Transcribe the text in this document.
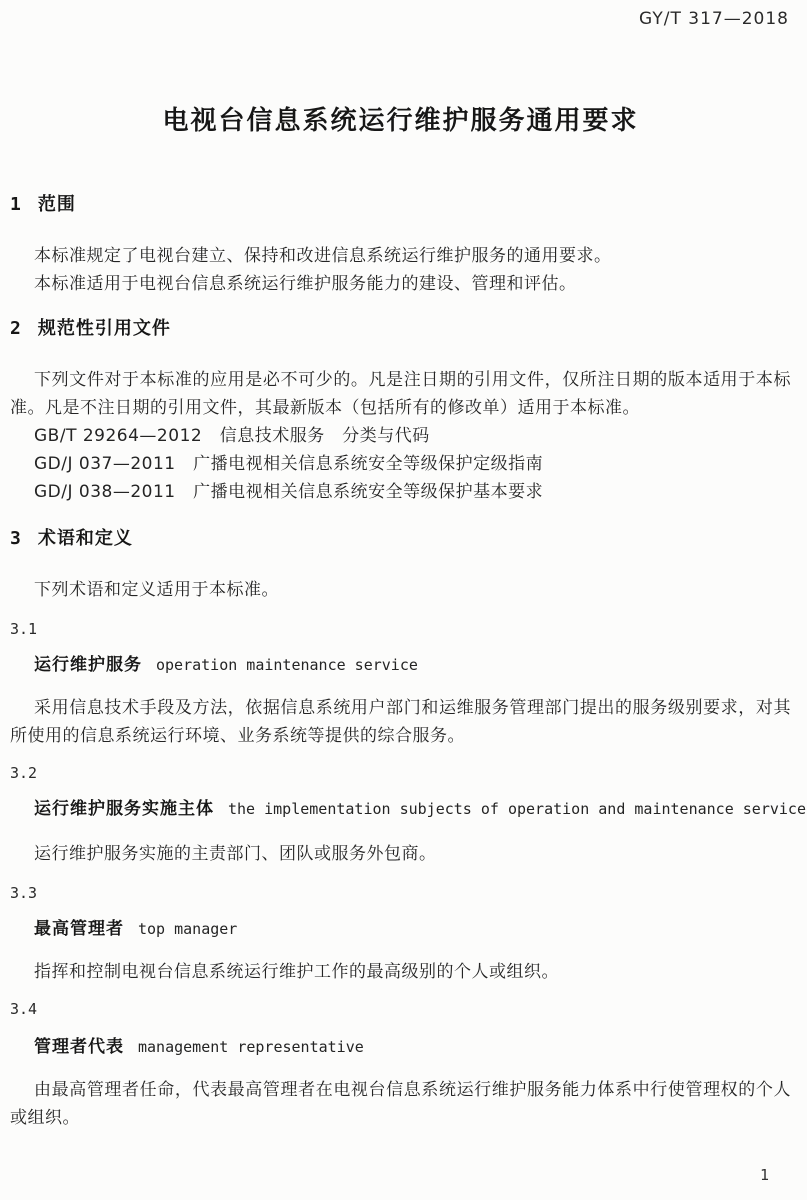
GY/T 317—2018
电视台信息系统运行维护服务通用要求
1 范围

本标准规定了电视台建立、保持和改进信息系统运行维护服务的通用要求。

本标准适用于电视台信息系统运行维护服务能力的建设、管理和评估。

2 规范性引用文件

下列文件对于本标准的应用是必不可少的。凡是注日期的引用文件，仅所注日期的版本适用于本标准。凡是不注日期的引用文件，其最新版本（包括所有的修改单）适用于本标准。

GB/T 29264—2012　信息技术服务　分类与代码

GD/J 037—2011　广播电视相关信息系统安全等级保护定级指南

GD/J 038—2011　广播电视相关信息系统安全等级保护基本要求

3 术语和定义

下列术语和定义适用于本标准。

3.1

运行维护服务 operation maintenance service

采用信息技术手段及方法，依据信息系统用户部门和运维服务管理部门提出的服务级别要求，对其所使用的信息系统运行环境、业务系统等提供的综合服务。

3.2

运行维护服务实施主体 the implementation subjects of operation and maintenance service

运行维护服务实施的主责部门、团队或服务外包商。

3.3

最高管理者 top manager

指挥和控制电视台信息系统运行维护工作的最高级别的个人或组织。

3.4

管理者代表 management representative

由最高管理者任命，代表最高管理者在电视台信息系统运行维护服务能力体系中行使管理权的个人或组织。

1
